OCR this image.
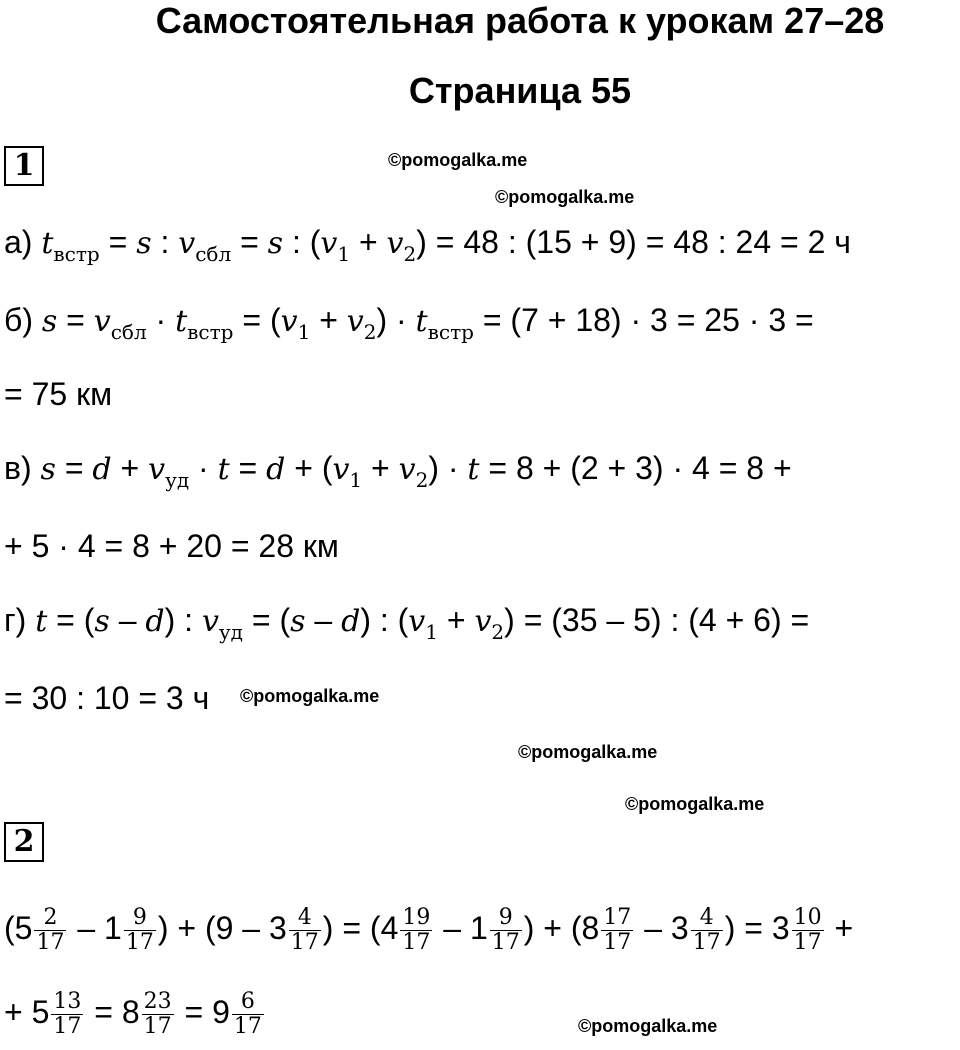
Самостоятельная работа к урокам 27–28
Страница 55
©pomogalka.me
©pomogalka.me
©pomogalka.me
©pomogalka.me
©pomogalka.me
©pomogalka.me
1
а) $t_{встр} = s$ : $v_{сбл} = s$ : $(v_1 + v_2) = 48$ : (15 + 9) = 48 : 24 = 2 ч
б) $s = v_{сбл} \cdot t_{встр} = (v_1 + v_2) \cdot t_{встр} = (7 + 18) \cdot 3 = 25 \cdot 3$ =
= 75 км
в) $s = d + v_{уд} \cdot t = d + (v_1 + v_2) \cdot t = 8 + (2 + 3) \cdot 4 = 8$ +
+ 5 · 4 = 8 + 20 = 28 км
г) t = (s – d) : $v_{уд} = (s - d)$ : $(v_1 + v_2) = (35 - 5)$ : (4 + 6) =
= 30 : 10 = 3 ч
2
($5 \frac{2}{17} - 1 \frac{9}{17}$ ) + ($9 - 3 \frac{4}{17}$ ) = ($4 \frac{19}{17} - 1 \frac{9}{17}$ ) + ($8 \frac{17}{17} - 3 \frac{4}{17}$ ) = $3 \frac{10}{17}$ +
+ $5 \frac{13}{17} = 8 \frac{23}{17} = 9 \frac{6}{17}$
